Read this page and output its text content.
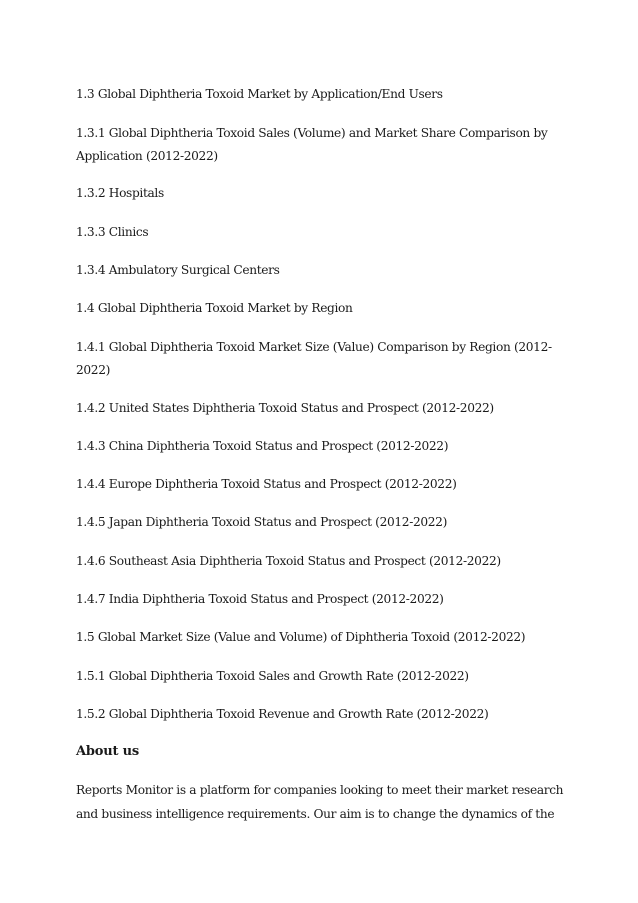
1.3 Global Diphtheria Toxoid Market by Application/End Users
1.3.1 Global Diphtheria Toxoid Sales (Volume) and Market Share Comparison by
Application (2012-2022)
1.3.2 Hospitals
1.3.3 Clinics
1.3.4 Ambulatory Surgical Centers
1.4 Global Diphtheria Toxoid Market by Region
1.4.1 Global Diphtheria Toxoid Market Size (Value) Comparison by Region (2012-
2022)
1.4.2 United States Diphtheria Toxoid Status and Prospect (2012-2022)
1.4.3 China Diphtheria Toxoid Status and Prospect (2012-2022)
1.4.4 Europe Diphtheria Toxoid Status and Prospect (2012-2022)
1.4.5 Japan Diphtheria Toxoid Status and Prospect (2012-2022)
1.4.6 Southeast Asia Diphtheria Toxoid Status and Prospect (2012-2022)
1.4.7 India Diphtheria Toxoid Status and Prospect (2012-2022)
1.5 Global Market Size (Value and Volume) of Diphtheria Toxoid (2012-2022)
1.5.1 Global Diphtheria Toxoid Sales and Growth Rate (2012-2022)
1.5.2 Global Diphtheria Toxoid Revenue and Growth Rate (2012-2022)
About us
Reports Monitor is a platform for companies looking to meet their market research
and business intelligence requirements. Our aim is to change the dynamics of the
